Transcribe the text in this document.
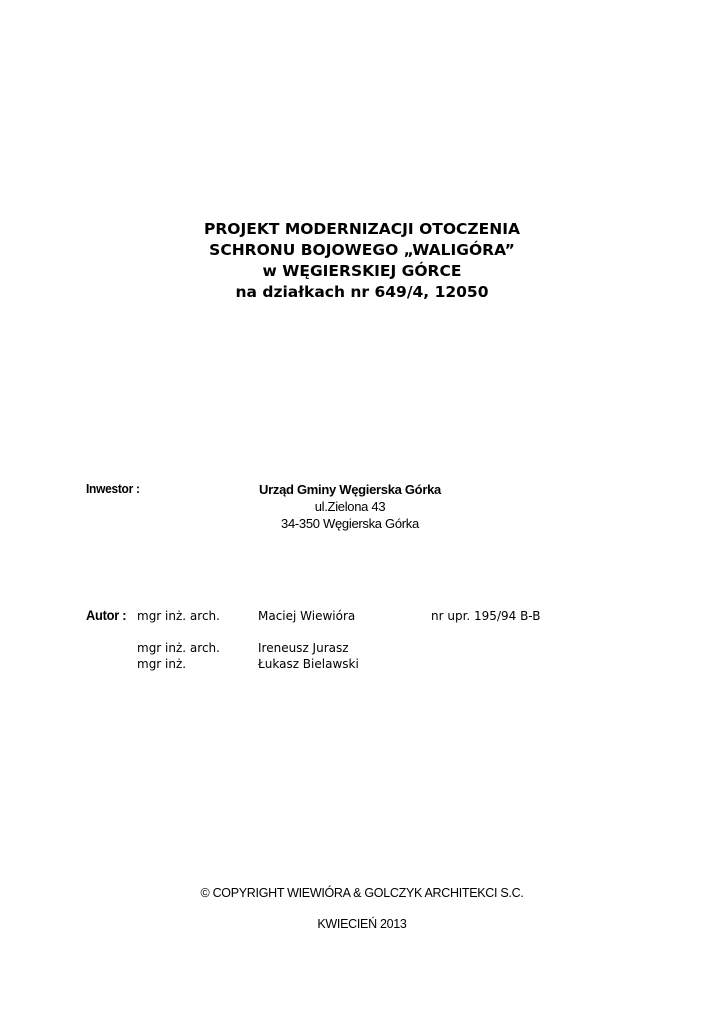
PROJEKT MODERNIZACJI OTOCZENIA
SCHRONU BOJOWEGO „WALIGÓRA”
w WĘGIERSKIEJ GÓRCE
na działkach nr 649/4, 12050
Inwestor :	Urząd Gminy Węgierska Górka
ul.Zielona 43
34-350 Węgierska Górka
Autor : mgr inż. arch.	Maciej Wiewióra	nr upr. 195/94 B-B
mgr inż. arch.	Ireneusz Jurasz
mgr inż.	Łukasz Bielawski
© COPYRIGHT WIEWIÓRA & GOLCZYK ARCHITEKCI S.C.
KWIECIEŃ 2013
